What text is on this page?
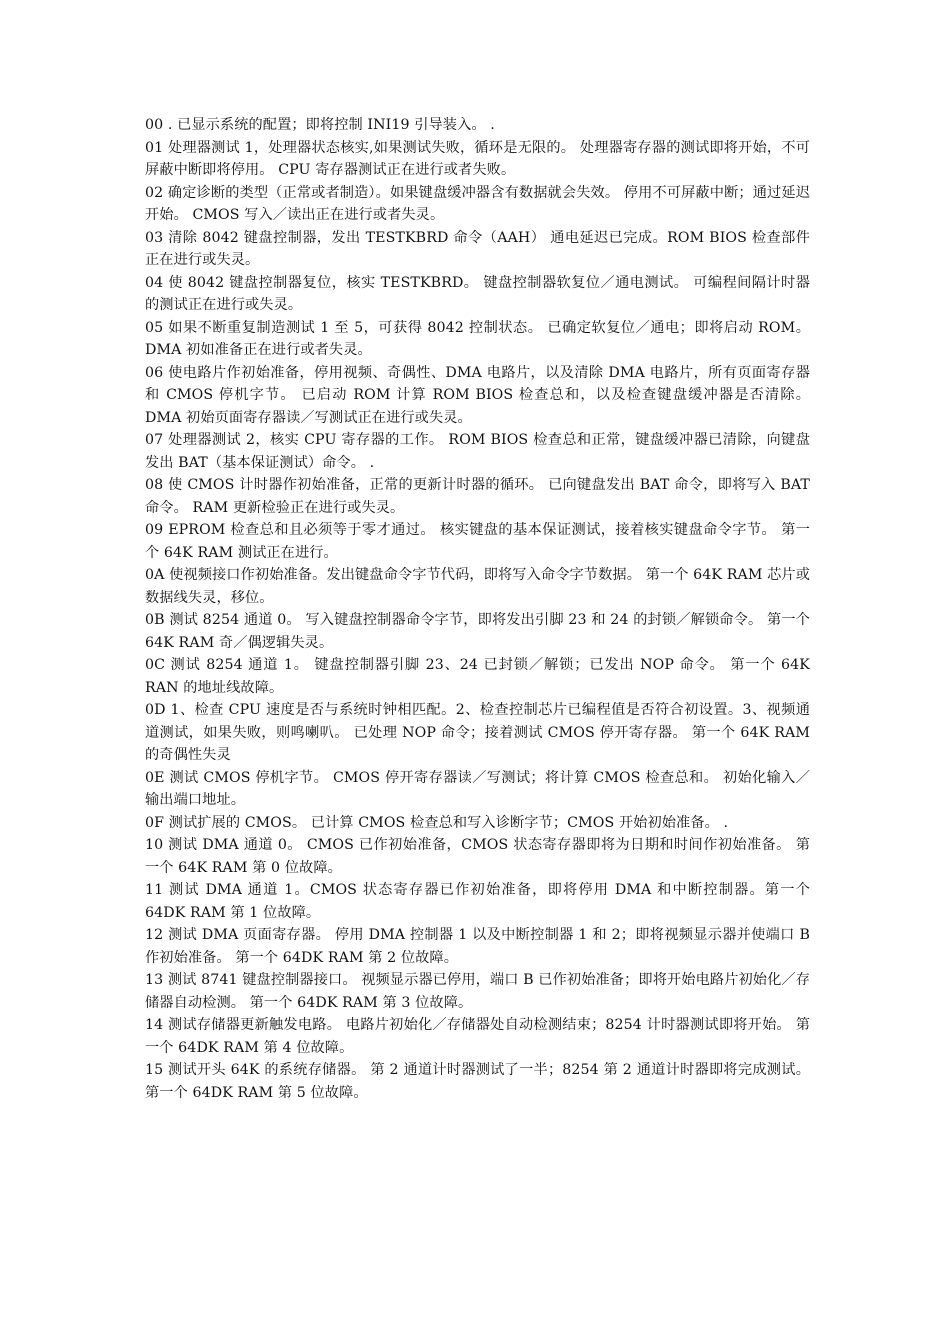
00 . 已显示系统的配置；即将控制 INI19 引导装入。 .

01 处理器测试 1，处理器状态核实,如果测试失败，循环是无限的。 处理器寄存器的测试即将开始，不可屏蔽中断即将停用。 CPU 寄存器测试正在进行或者失败。

02 确定诊断的类型（正常或者制造）。如果键盘缓冲器含有数据就会失效。 停用不可屏蔽中断；通过延迟开始。 CMOS 写入／读出正在进行或者失灵。

03 清除 8042 键盘控制器，发出 TESTKBRD 命令（AAH） 通电延迟已完成。ROM BIOS 检查部件正在进行或失灵。

04 使 8042 键盘控制器复位，核实 TESTKBRD。 键盘控制器软复位／通电测试。 可编程间隔计时器的测试正在进行或失灵。

05 如果不断重复制造测试 1 至 5，可获得 8042 控制状态。 已确定软复位／通电；即将启动 ROM。 DMA 初如准备正在进行或者失灵。

06 使电路片作初始准备，停用视频、奇偶性、DMA 电路片，以及清除 DMA 电路片，所有页面寄存器和 CMOS 停机字节。 已启动 ROM 计算 ROM BIOS 检查总和，以及检查键盘缓冲器是否清除。 DMA 初始页面寄存器读／写测试正在进行或失灵。

07 处理器测试 2，核实 CPU 寄存器的工作。 ROM BIOS 检查总和正常，键盘缓冲器已清除，向键盘发出 BAT（基本保证测试）命令。 .

08 使 CMOS 计时器作初始准备，正常的更新计时器的循环。 已向键盘发出 BAT 命令，即将写入 BAT 命令。 RAM 更新检验正在进行或失灵。

09 EPROM 检查总和且必须等于零才通过。 核实键盘的基本保证测试，接着核实键盘命令字节。 第一个 64K RAM 测试正在进行。

0A 使视频接口作初始准备。发出键盘命令字节代码，即将写入命令字节数据。 第一个 64K RAM 芯片或数据线失灵，移位。

0B 测试 8254 通道 0。 写入键盘控制器命令字节，即将发出引脚 23 和 24 的封锁／解锁命令。 第一个 64K RAM 奇／偶逻辑失灵。

0C 测试 8254 通道 1。 键盘控制器引脚 23、24 已封锁／解锁；已发出 NOP 命令。 第一个 64K RAN 的地址线故障。

0D 1、检查 CPU 速度是否与系统时钟相匹配。2、检查控制芯片已编程值是否符合初设置。3、视频通道测试，如果失败，则鸣喇叭。 已处理 NOP 命令；接着测试 CMOS 停开寄存器。 第一个 64K RAM 的奇偶性失灵

0E 测试 CMOS 停机字节。 CMOS 停开寄存器读／写测试；将计算 CMOS 检查总和。 初始化输入／输出端口地址。

0F 测试扩展的 CMOS。 已计算 CMOS 检查总和写入诊断字节；CMOS 开始初始准备。 .

10 测试 DMA 通道 0。 CMOS 已作初始准备，CMOS 状态寄存器即将为日期和时间作初始准备。 第一个 64K RAM 第 0 位故障。

11 测试 DMA 通道 1。CMOS 状态寄存器已作初始准备，即将停用 DMA 和中断控制器。第一个 64DK RAM 第 1 位故障。

12 测试 DMA 页面寄存器。 停用 DMA 控制器 1 以及中断控制器 1 和 2；即将视频显示器并使端口 B 作初始准备。 第一个 64DK RAM 第 2 位故障。

13 测试 8741 键盘控制器接口。 视频显示器已停用，端口 B 已作初始准备；即将开始电路片初始化／存储器自动检测。 第一个 64DK RAM 第 3 位故障。

14 测试存储器更新触发电路。 电路片初始化／存储器处自动检测结束；8254 计时器测试即将开始。 第一个 64DK RAM 第 4 位故障。

15 测试开头 64K 的系统存储器。 第 2 通道计时器测试了一半；8254 第 2 通道计时器即将完成测试。 第一个 64DK RAM 第 5 位故障。
